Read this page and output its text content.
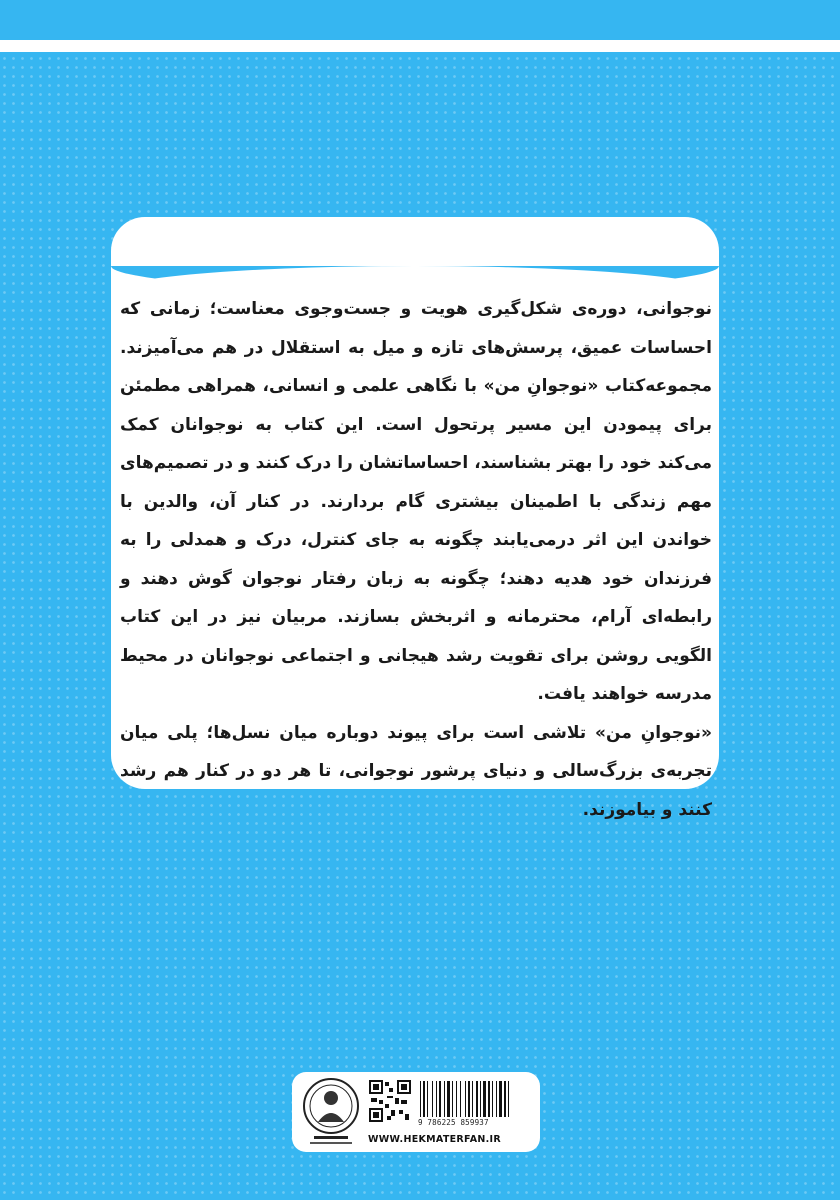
نوجوانی، دوره‌ی شکل‌گیری هویت و جست‌وجوی معناست؛ زمانی که احساسات عمیق، پرسش‌های تازه و میل به استقلال در هم می‌آمیزند. مجموعه‌کتاب «نوجوانِ من» با نگاهی علمی و انسانی، همراهی مطمئن برای پیمودن این مسیر پرتحول است. این کتاب به نوجوانان کمک می‌کند خود را بهتر بشناسند، احساساتشان را درک کنند و در تصمیم‌های مهم زندگی با اطمینان بیشتری گام بردارند. در کنار آن، والدین با خواندن این اثر درمی‌یابند چگونه به جای کنترل، درک و همدلی را به فرزندان خود هدیه دهند؛ چگونه به زبان رفتار نوجوان گوش دهند و رابطه‌ای آرام، محترمانه و اثربخش بسازند. مربیان نیز در این کتاب الگویی روشن برای تقویت رشد هیجانی و اجتماعی نوجوانان در محیط مدرسه خواهند یافت.

«نوجوانِ من» تلاشی است برای پیوند دوباره میان نسل‌ها؛ پلی میان تجربه‌ی بزرگ‌سالی و دنیای پرشور نوجوانی، تا هر دو در کنار هم رشد کنند و بیاموزند.

9 786225 859937
WWW.HEKMATERFAN.IR
